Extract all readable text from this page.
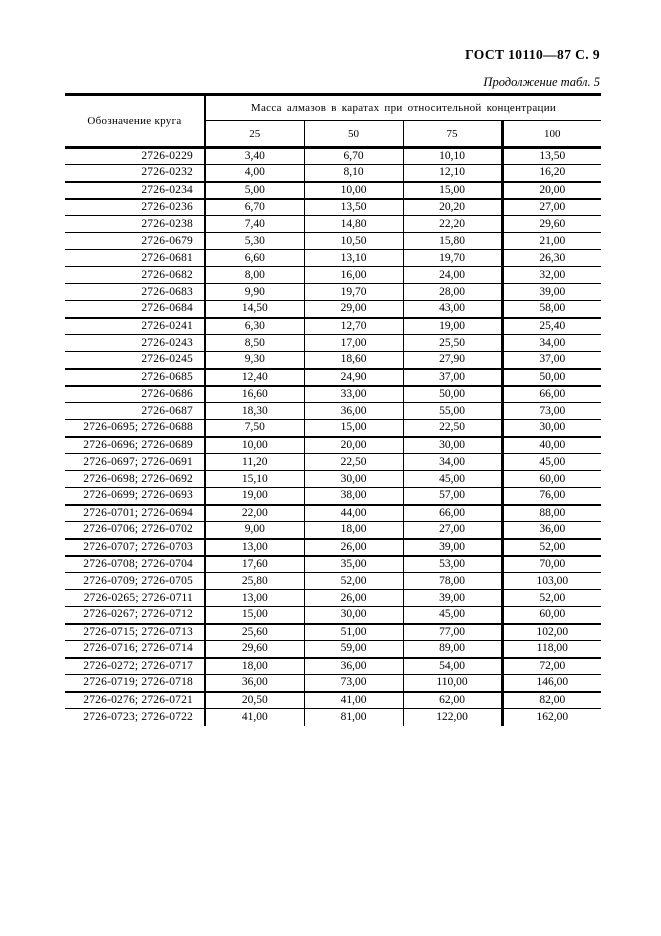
ГОСТ 10110—87 С. 9
Продолжение табл. 5
Обозначение круга	Масса алмазов в каратах при относительной концентрации			
	25	50	75	100
2726-0229	3,40	6,70	10,10	13,50
2726-0232	4,00	8,10	12,10	16,20
2726-0234	5,00	10,00	15,00	20,00
2726-0236	6,70	13,50	20,20	27,00
2726-0238	7,40	14,80	22,20	29,60
2726-0679	5,30	10,50	15,80	21,00
2726-0681	6,60	13,10	19,70	26,30
2726-0682	8,00	16,00	24,00	32,00
2726-0683	9,90	19,70	28,00	39,00
2726-0684	14,50	29,00	43,00	58,00
2726-0241	6,30	12,70	19,00	25,40
2726-0243	8,50	17,00	25,50	34,00
2726-0245	9,30	18,60	27,90	37,00
2726-0685	12,40	24,90	37,00	50,00
2726-0686	16,60	33,00	50,00	66,00
2726-0687	18,30	36,00	55,00	73,00
2726-0695; 2726-0688	7,50	15,00	22,50	30,00
2726-0696; 2726-0689	10,00	20,00	30,00	40,00
2726-0697; 2726-0691	11,20	22,50	34,00	45,00
2726-0698; 2726-0692	15,10	30,00	45,00	60,00
2726-0699; 2726-0693	19,00	38,00	57,00	76,00
2726-0701; 2726-0694	22,00	44,00	66,00	88,00
2726-0706; 2726-0702	9,00	18,00	27,00	36,00
2726-0707; 2726-0703	13,00	26,00	39,00	52,00
2726-0708; 2726-0704	17,60	35,00	53,00	70,00
2726-0709; 2726-0705	25,80	52,00	78,00	103,00
2726-0265; 2726-0711	13,00	26,00	39,00	52,00
2726-0267; 2726-0712	15,00	30,00	45,00	60,00
2726-0715; 2726-0713	25,60	51,00	77,00	102,00
2726-0716; 2726-0714	29,60	59,00	89,00	118,00
2726-0272; 2726-0717	18,00	36,00	54,00	72,00
2726-0719; 2726-0718	36,00	73,00	110,00	146,00
2726-0276; 2726-0721	20,50	41,00	62,00	82,00
2726-0723; 2726-0722	41,00	81,00	122,00	162,00
